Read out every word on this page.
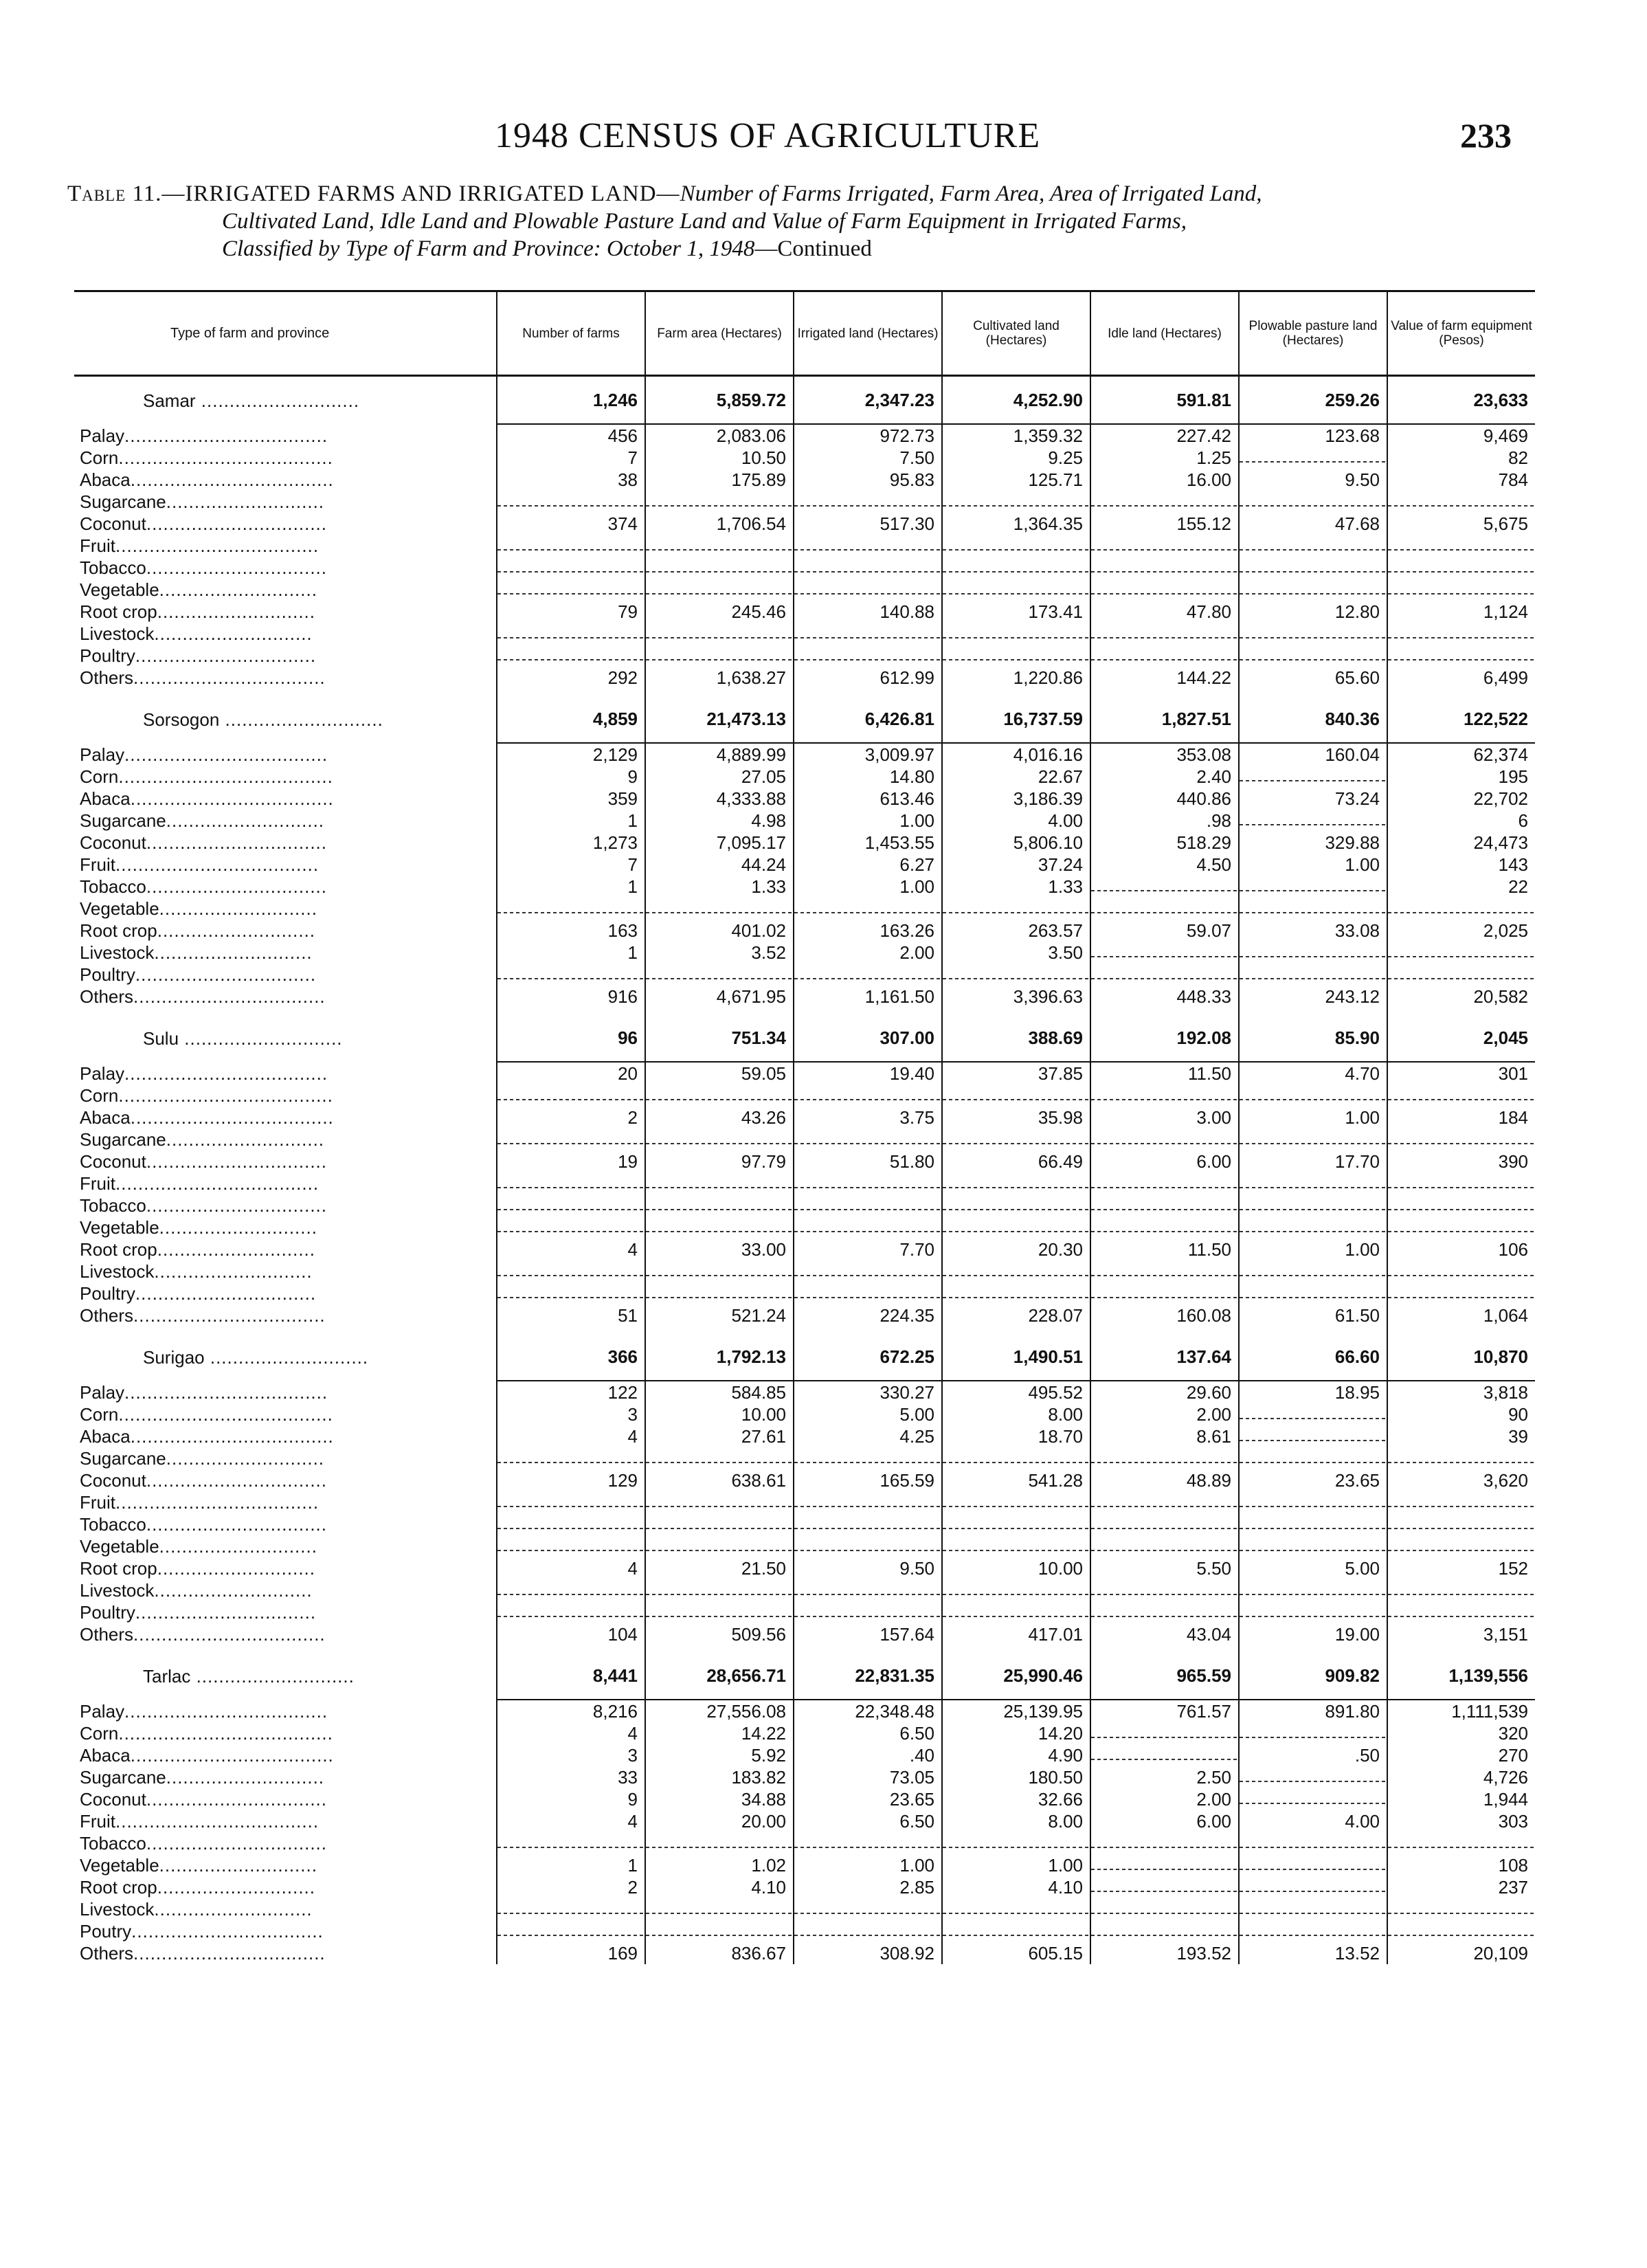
1948 CENSUS OF AGRICULTURE	233
Table 11.—IRRIGATED FARMS AND IRRIGATED LAND—Number of Farms Irrigated, Farm Area, Area of Irrigated Land,
Cultivated Land, Idle Land and Plowable Pasture Land and Value of Farm Equipment in Irrigated Farms,
Classified by Type of Farm and Province: October 1, 1948—Continued
Type of farm and province	Number of farms	Farm area (Hectares)	Irrigated land (Hectares)	Cultivated land (Hectares)	Idle land (Hectares)	Plowable pasture land (Hectares)	Value of farm equipment (Pesos)
Samar ............................	1,246	5,859.72	2,347.23	4,252.90	591.81	259.26	23,633
Palay....................................	456	2,083.06	972.73	1,359.32	227.42	123.68	9,469
Corn......................................	7	10.50	7.50	9.25	1.25		82
Abaca....................................	38	175.89	95.83	125.71	16.00	9.50	784
Sugarcane............................							
Coconut................................	374	1,706.54	517.30	1,364.35	155.12	47.68	5,675
Fruit....................................							
Tobacco................................							
Vegetable............................							
Root crop............................	79	245.46	140.88	173.41	47.80	12.80	1,124
Livestock............................							
Poultry................................							
Others..................................	292	1,638.27	612.99	1,220.86	144.22	65.60	6,499

Sorsogon ............................	4,859	21,473.13	6,426.81	16,737.59	1,827.51	840.36	122,522
Palay....................................	2,129	4,889.99	3,009.97	4,016.16	353.08	160.04	62,374
Corn......................................	9	27.05	14.80	22.67	2.40		195
Abaca....................................	359	4,333.88	613.46	3,186.39	440.86	73.24	22,702
Sugarcane............................	1	4.98	1.00	4.00	.98		6
Coconut................................	1,273	7,095.17	1,453.55	5,806.10	518.29	329.88	24,473
Fruit....................................	7	44.24	6.27	37.24	4.50	1.00	143
Tobacco................................	1	1.33	1.00	1.33			22
Vegetable............................							
Root crop............................	163	401.02	163.26	263.57	59.07	33.08	2,025
Livestock............................	1	3.52	2.00	3.50			
Poultry................................							
Others..................................	916	4,671.95	1,161.50	3,396.63	448.33	243.12	20,582

Sulu ............................	96	751.34	307.00	388.69	192.08	85.90	2,045
Palay....................................	20	59.05	19.40	37.85	11.50	4.70	301
Corn......................................							
Abaca....................................	2	43.26	3.75	35.98	3.00	1.00	184
Sugarcane............................							
Coconut................................	19	97.79	51.80	66.49	6.00	17.70	390
Fruit....................................							
Tobacco................................							
Vegetable............................							
Root crop............................	4	33.00	7.70	20.30	11.50	1.00	106
Livestock............................							
Poultry................................							
Others..................................	51	521.24	224.35	228.07	160.08	61.50	1,064

Surigao ............................	366	1,792.13	672.25	1,490.51	137.64	66.60	10,870
Palay....................................	122	584.85	330.27	495.52	29.60	18.95	3,818
Corn......................................	3	10.00	5.00	8.00	2.00		90
Abaca....................................	4	27.61	4.25	18.70	8.61		39
Sugarcane............................							
Coconut................................	129	638.61	165.59	541.28	48.89	23.65	3,620
Fruit....................................							
Tobacco................................							
Vegetable............................							
Root crop............................	4	21.50	9.50	10.00	5.50	5.00	152
Livestock............................							
Poultry................................							
Others..................................	104	509.56	157.64	417.01	43.04	19.00	3,151

Tarlac ............................	8,441	28,656.71	22,831.35	25,990.46	965.59	909.82	1,139,556
Palay....................................	8,216	27,556.08	22,348.48	25,139.95	761.57	891.80	1,111,539
Corn......................................	4	14.22	6.50	14.20			320
Abaca....................................	3	5.92	.40	4.90		.50	270
Sugarcane............................	33	183.82	73.05	180.50	2.50		4,726
Coconut................................	9	34.88	23.65	32.66	2.00		1,944
Fruit....................................	4	20.00	6.50	8.00	6.00	4.00	303
Tobacco................................							
Vegetable............................	1	1.02	1.00	1.00			108
Root crop............................	2	4.10	2.85	4.10			237
Livestock............................							
Poutry..................................							
Others..................................	169	836.67	308.92	605.15	193.52	13.52	20,109
